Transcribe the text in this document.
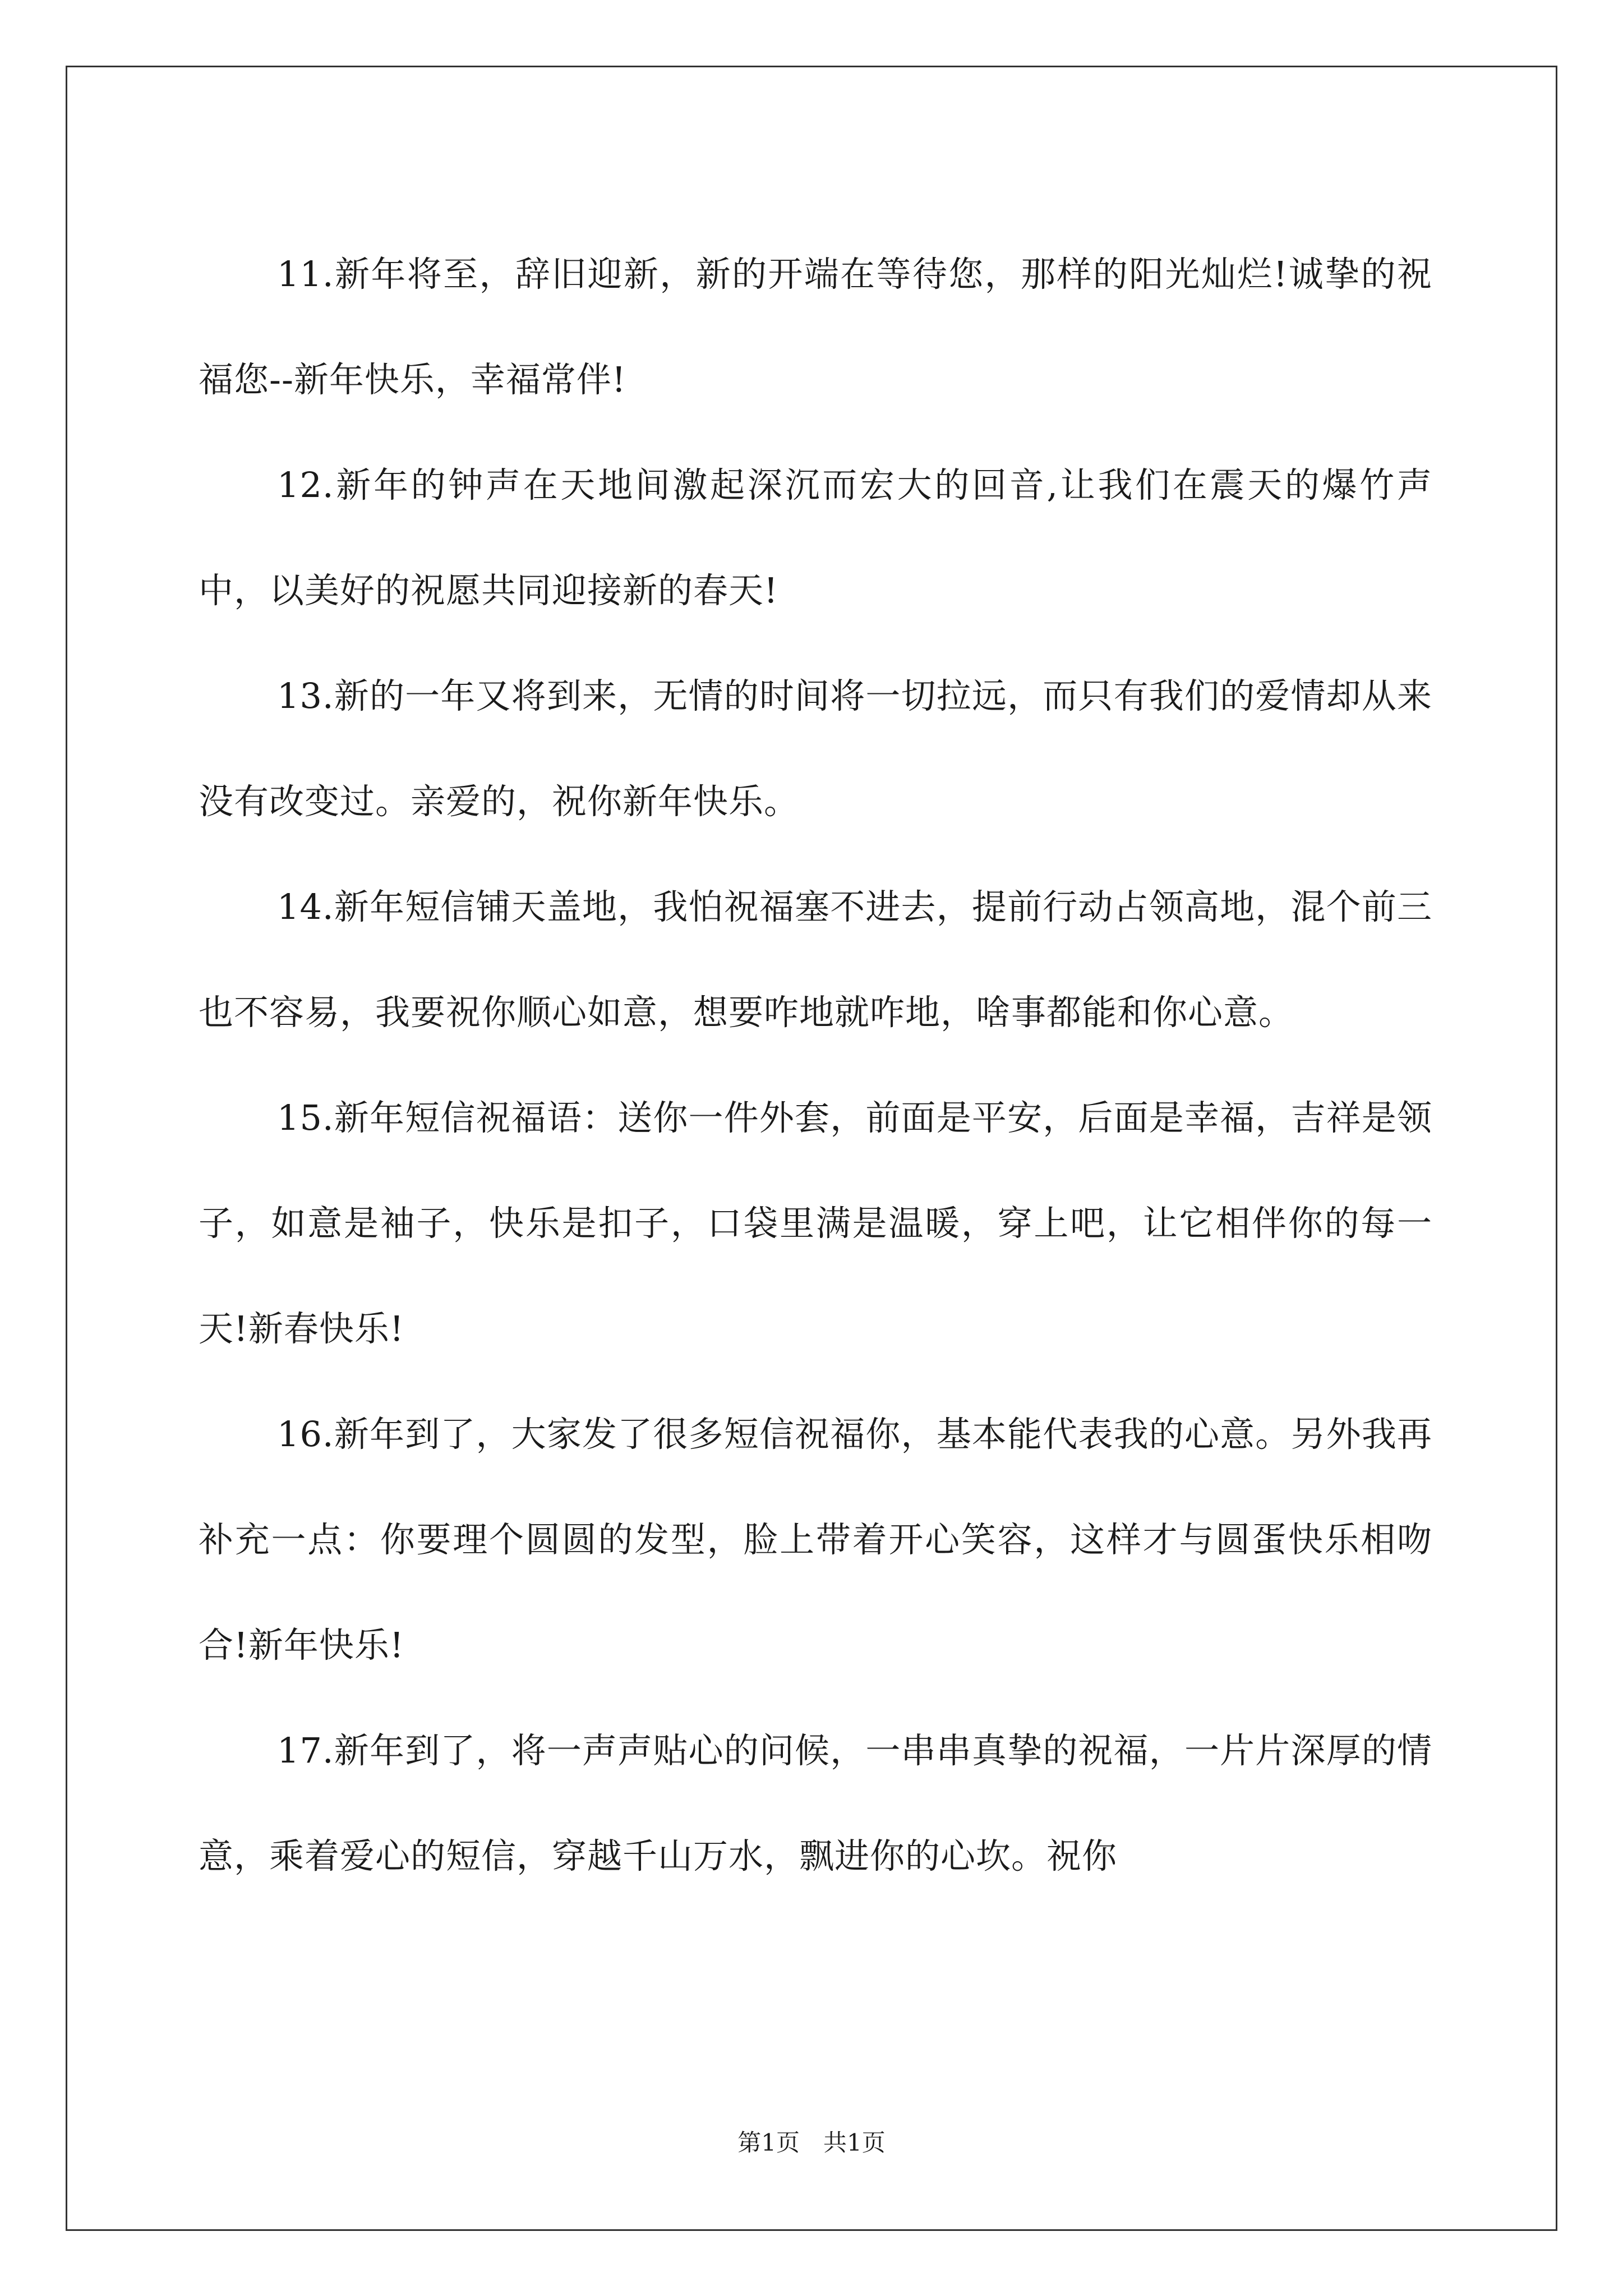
11.新年将至，辞旧迎新，新的开端在等待您，那样的阳光灿烂!诚挚的祝福您--新年快乐，幸福常伴!

12.新年的钟声在天地间激起深沉而宏大的回音,让我们在震天的爆竹声中，以美好的祝愿共同迎接新的春天!

13.新的一年又将到来，无情的时间将一切拉远，而只有我们的爱情却从来没有改变过。亲爱的，祝你新年快乐。

14.新年短信铺天盖地，我怕祝福塞不进去，提前行动占领高地，混个前三也不容易，我要祝你顺心如意，想要咋地就咋地，啥事都能和你心意。

15.新年短信祝福语：送你一件外套，前面是平安，后面是幸福，吉祥是领子，如意是袖子，快乐是扣子，口袋里满是温暖，穿上吧，让它相伴你的每一天!新春快乐!

16.新年到了，大家发了很多短信祝福你，基本能代表我的心意。另外我再补充一点：你要理个圆圆的发型，脸上带着开心笑容，这样才与圆蛋快乐相吻合!新年快乐!

17.新年到了，将一声声贴心的问候，一串串真挚的祝福，一片片深厚的情意，乘着爱心的短信，穿越千山万水，飘进你的心坎。祝你

第1页　共1页
